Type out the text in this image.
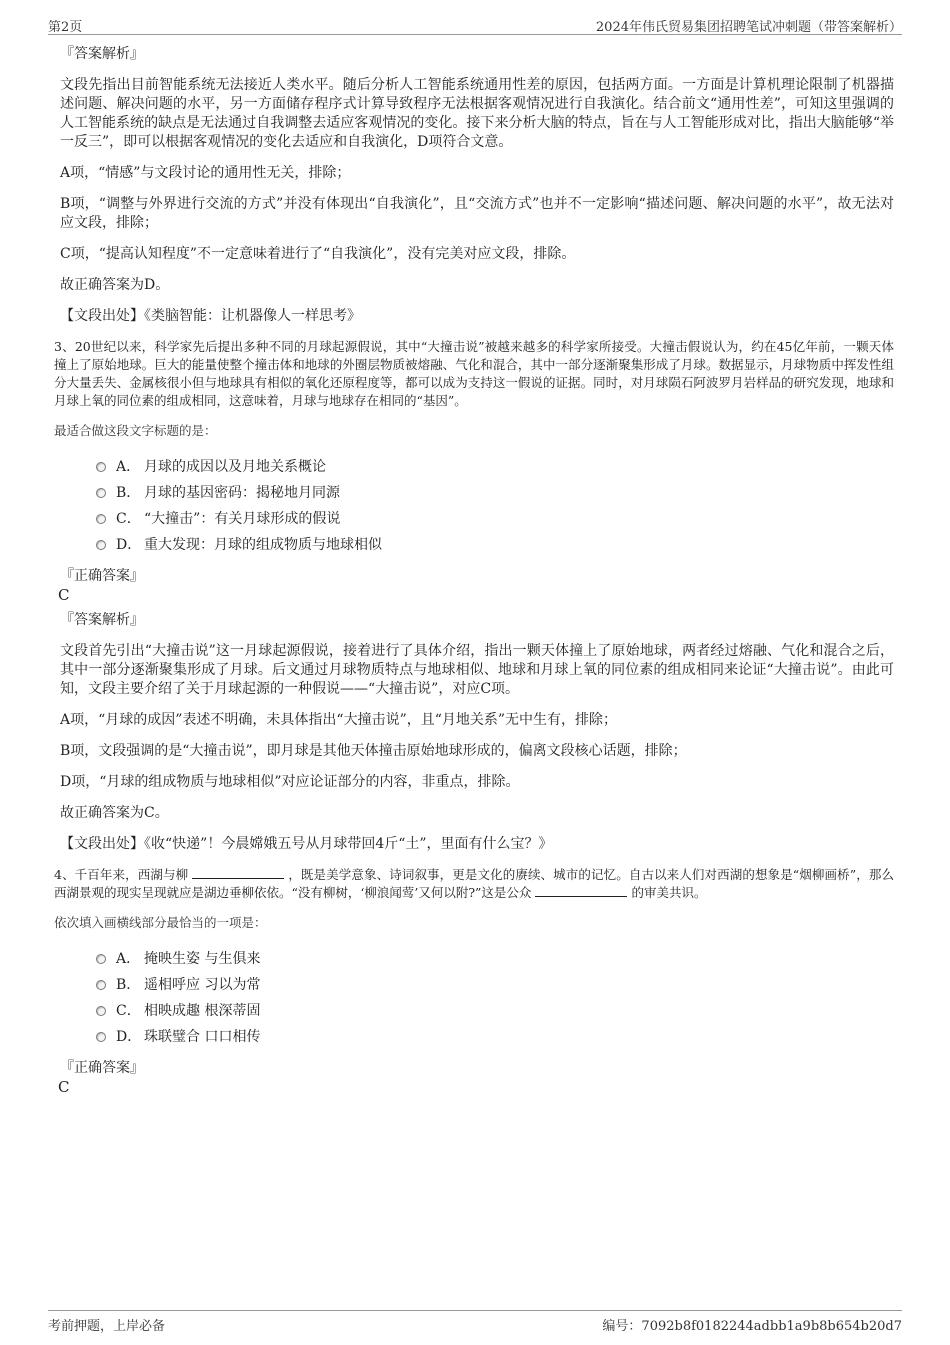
第2页	2024年伟氏贸易集团招聘笔试冲刺题（带答案解析）
『答案解析』

文段先指出目前智能系统无法接近人类水平。随后分析人工智能系统通用性差的原因，包括两方面。一方面是计算机理论限制了机器描述问题、解决问题的水平，另一方面储存程序式计算导致程序无法根据客观情况进行自我演化。结合前文“通用性差”，可知这里强调的人工智能系统的缺点是无法通过自我调整去适应客观情况的变化。接下来分析大脑的特点，旨在与人工智能形成对比，指出大脑能够“举一反三”，即可以根据客观情况的变化去适应和自我演化，D项符合文意。

A项，“情感”与文段讨论的通用性无关，排除；

B项，“调整与外界进行交流的方式”并没有体现出“自我演化”，且“交流方式”也并不一定影响“描述问题、解决问题的水平”，故无法对应文段，排除；

C项，“提高认知程度”不一定意味着进行了“自我演化”，没有完美对应文段，排除。

故正确答案为D。

【文段出处】《类脑智能：让机器像人一样思考》

3、20世纪以来，科学家先后提出多种不同的月球起源假说，其中“大撞击说”被越来越多的科学家所接受。大撞击假说认为，约在45亿年前，一颗天体撞上了原始地球。巨大的能量使整个撞击体和地球的外圈层物质被熔融、气化和混合，其中一部分逐渐聚集形成了月球。数据显示，月球物质中挥发性组分大量丢失、金属核很小但与地球具有相似的氧化还原程度等，都可以成为支持这一假说的证据。同时，对月球陨石阿波罗月岩样品的研究发现，地球和月球上氧的同位素的组成相同，这意味着，月球与地球存在相同的“基因”。

最适合做这段文字标题的是：

A． 月球的成因以及月地关系概论
B． 月球的基因密码：揭秘地月同源
C． “大撞击”：有关月球形成的假说
D． 重大发现：月球的组成物质与地球相似
『正确答案』
C
『答案解析』

文段首先引出“大撞击说”这一月球起源假说，接着进行了具体介绍，指出一颗天体撞上了原始地球，两者经过熔融、气化和混合之后，其中一部分逐渐聚集形成了月球。后文通过月球物质特点与地球相似、地球和月球上氧的同位素的组成相同来论证“大撞击说”。由此可知，文段主要介绍了关于月球起源的一种假说——“大撞击说”，对应C项。

A项，“月球的成因”表述不明确，未具体指出“大撞击说”，且“月地关系”无中生有，排除；

B项，文段强调的是“大撞击说”，即月球是其他天体撞击原始地球形成的，偏离文段核心话题，排除；

D项，“月球的组成物质与地球相似”对应论证部分的内容，非重点，排除。

故正确答案为C。

【文段出处】《收“快递”！今晨嫦娥五号从月球带回4斤“土”，里面有什么宝？》

4、千百年来，西湖与柳	，既是美学意象、诗词叙事，更是文化的赓续、城市的记忆。自古以来人们对西湖的想象是“烟柳画桥”，那么西湖景观的现实呈现就应是湖边垂柳依依。“没有柳树，‘柳浪闻莺’又何以附?”这是公众	的审美共识。

依次填入画横线部分最恰当的一项是：

A． 掩映生姿 与生俱来
B． 遥相呼应 习以为常
C． 相映成趣 根深蒂固
D． 珠联璧合 口口相传
『正确答案』
C
考前押题，上岸必备	编号：7092b8f0182244adbb1a9b8b654b20d7
